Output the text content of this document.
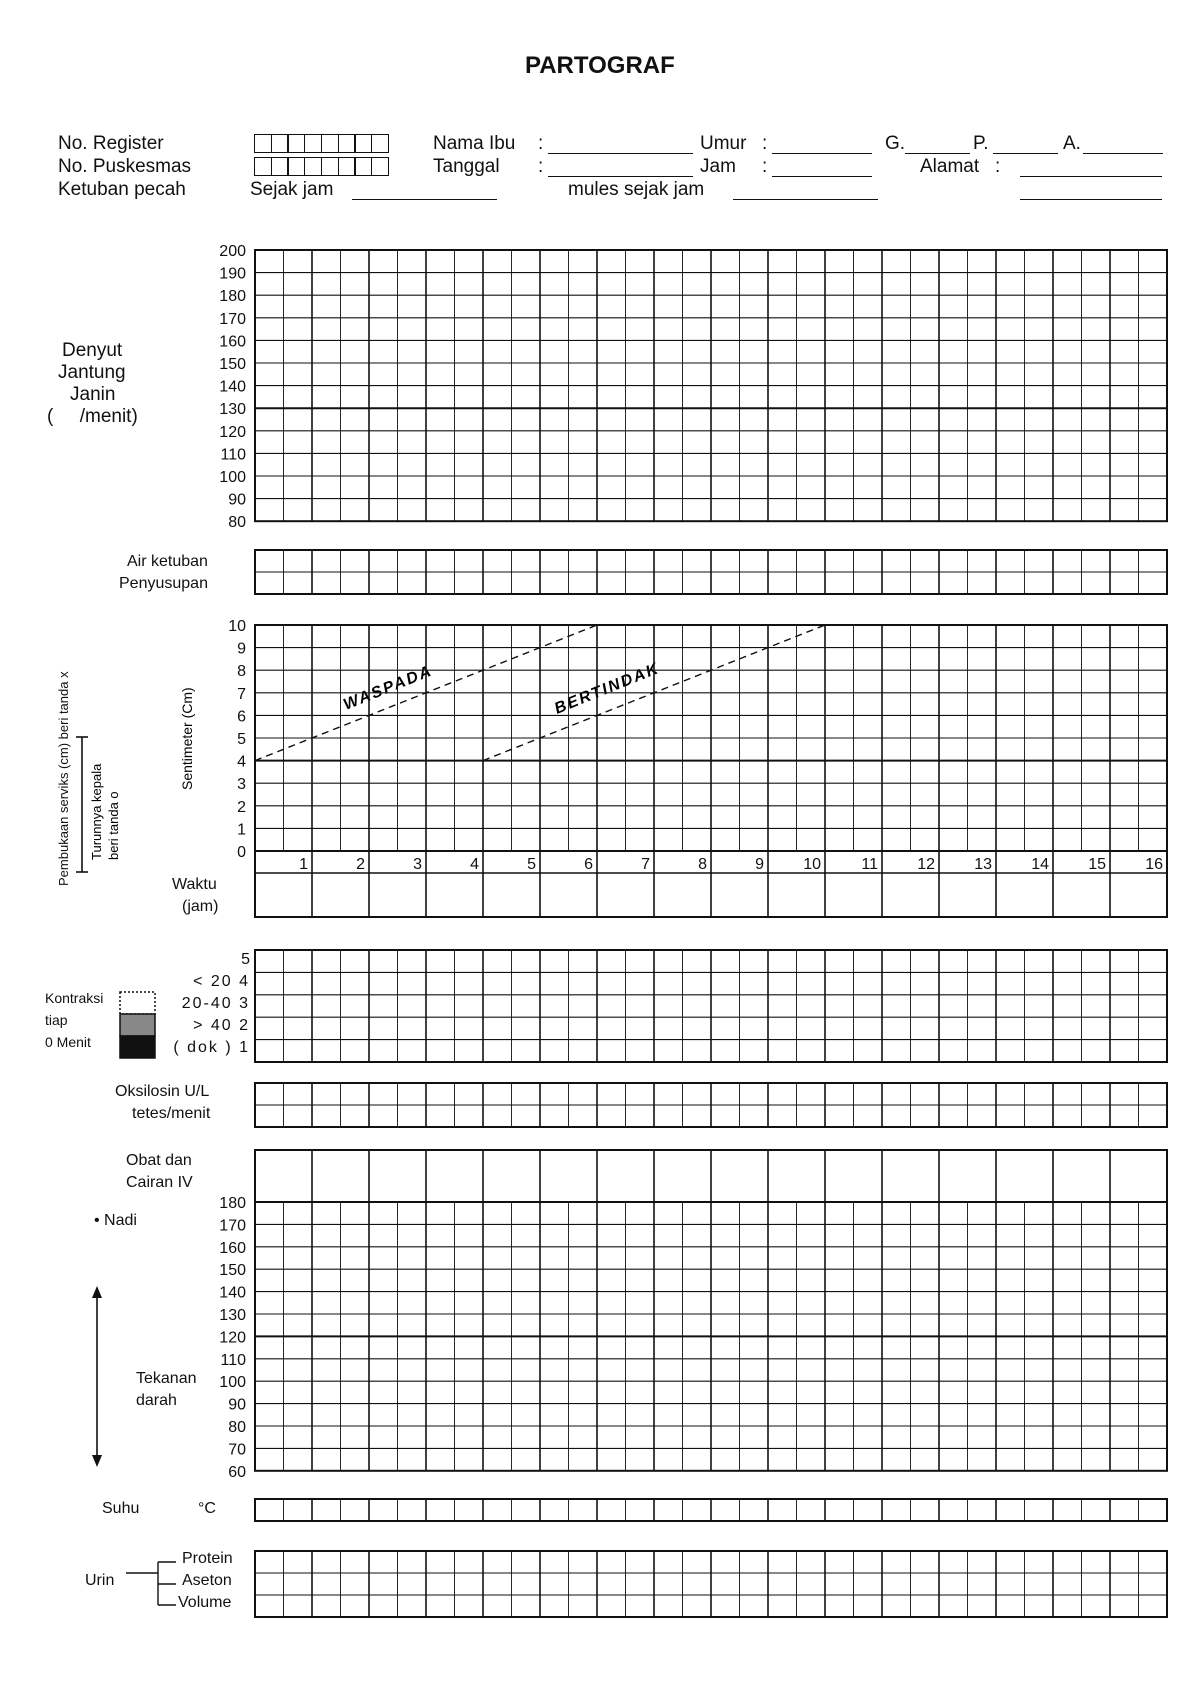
PARTOGRAF
No. Register
No. Puskesmas
Ketuban pecah	Sejak jam
Nama Ibu :
Tanggal :
mules sejak jam
Umur :
Jam :
G.	P.	A.
Alamat :
Denyut
Jantung
Janin
(     /menit)
Air ketuban
Penyusupan
Waktu
(jam)
Kontraksi
tiap
0 Menit
Oksilosin U/L
tetes/menit
Obat dan
Cairan IV
• Nadi
Tekanan
darah
Suhu	°C
Urin
Protein
Aseton
Volume
Pembukaan serviks (cm) beri tanda x Turunnya kepala beri tanda o
Sentimeter (Cm)	WASPADA	BERTINDAK
5
< 20 4
20-40 3
> 40 2
( dok ) 1
200
190
180
170
160
150
140
130
120
110
100
90
80
10
9
8
7
6
5
4
3
2
1
0
1	2	3	4	5	6	7	8	9 10	11 12 13 14 15 16
180
170
160
150
140
130
120
110
100
90
80
70
60
